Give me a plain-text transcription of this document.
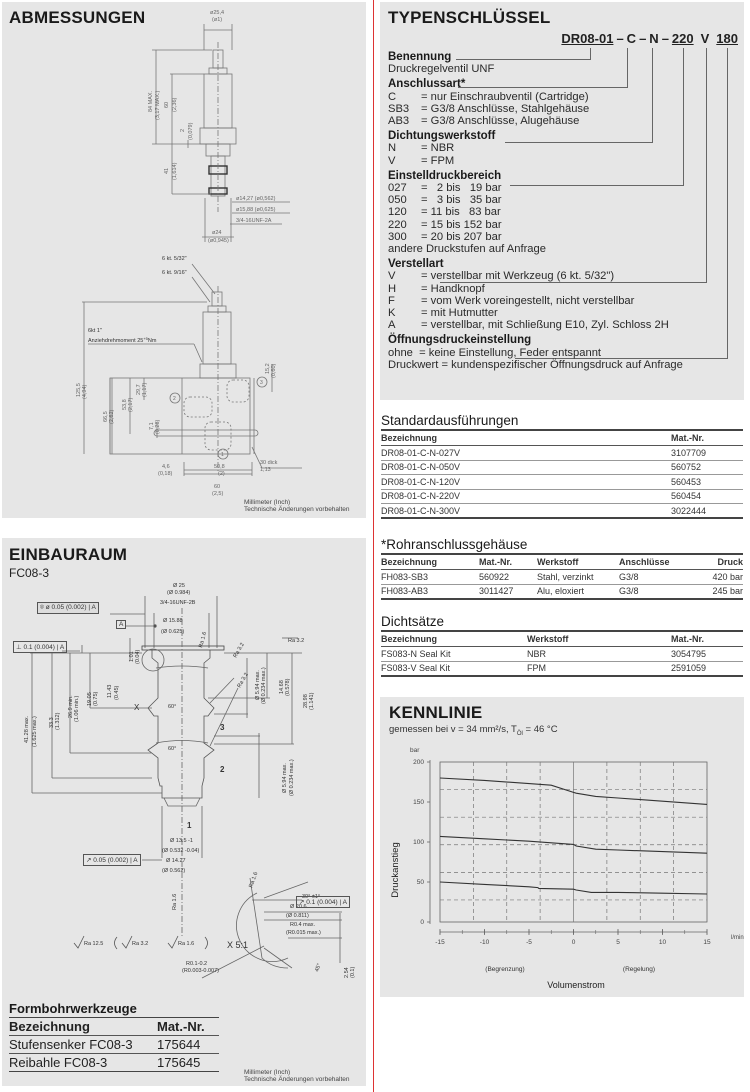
ABMESSUNGEN	ø25,4
(ø1)
84 MAX. (3,17 MAX.) 60 (2,36)
2 (0,079)
41 (1,614)
ø14,27 (ø0,562)
ø15,88 (ø0,625)
3/4-16UNF-2A
ø24
(ø0,945)
6 kt. 5/32"
6 kt. 9/16"
6kt 1"
Anziehdrehmoment $25^{+5}Nm$
125,5 (4,94)
66,5 (2,62)
53,8 (2,17)
29,7 (1,17)
7,1 (0,28)
15,2 (0,60)
4,6
(0,18)
50,8
(2)
60
(2,5)
30 dick
1,13
2
3
1
Millimeter (Inch)
Technische Änderungen vorbehalten
EINBAURAUM
FC08-3
Ø 25
(Ø 0.984)
3/4-16UNF-2B
Ø 15.88
(Ø 0.625)	Ra 1.6
Ra 3.2
Ra 3.2
Ra 3.2
1.01 (0.04)
11.43 (0.45)
19.05 (0.75)
26.9 min. (1.06 min.)
33.3 (1.312)
41.28 max. (1.625 max.)
Ø 5.94 max. (Ø 0.234 max.) 14.68 (0.578)
28.98 (1.141)
Ø 5.94 max. (Ø 0.234 max.)
60°
60°
X
3
2
1
Ø 13.5 -1
(Ø 0.532 -0.04)
Ø 14.27
(Ø 0.562)
Ra 1.6
Ra 1.6
30° ±1°
Ø 20.6
(Ø 0.811)
R0.4 max.
(R0.015 max.)
R0.1-0.2
(R0.003-0.007)	45°	2.54 (0.1)
Ra 12.5	Ra 3.2	Ra 1.6	X 5:1
⌾ ø 0.05 (0.002) | A
A
⊥ 0.1 (0.004) | A
↗ 0.05 (0.002) | A
↗ 0.1 (0.004) | A
Formbohrwerkzeuge
Bezeichnung	Mat.-Nr.
Stufensenker FC08-3	175644
Reibahle FC08-3	175645
Millimeter (Inch)
Technische Änderungen vorbehalten
TYPENSCHLÜSSEL
DR08-01 – C – N – 220 V 180
Benennung
Druckregelventil UNF
Anschlussart*
C	= nur Einschraubventil (Cartridge)
SB3	= G3/8 Anschlüsse, Stahlgehäuse
AB3	= G3/8 Anschlüsse, Alugehäuse
Dichtungswerkstoff
N	= NBR
V	= FPM
Einstelldruckbereich
027	=   2 bis   19 bar
050	=   3 bis   35 bar
120	= 11 bis   83 bar
220	= 15 bis 152 bar
300	= 20 bis 207 bar
andere Druckstufen auf Anfrage
Verstellart
V	= verstellbar mit Werkzeug (6 kt. 5/32")
H	= Handknopf
F	= vom Werk voreingestellt, nicht verstellbar
K	= mit Hutmutter
A	= verstellbar, mit Schließung E10, Zyl. Schloss 2H
Öffnungsdruckeinstellung
ohne  = keine Einstellung, Feder entspannt
Druckwert = kundenspezifischer Öffnungsdruck auf Anfrage
Standardausführungen
Bezeichnung	Mat.-Nr.
DR08-01-C-N-027V	3107709
DR08-01-C-N-050V	560752
DR08-01-C-N-120V	560453
DR08-01-C-N-220V	560454
DR08-01-C-N-300V	3022444
*Rohranschlussgehäuse
Bezeichnung	Mat.-Nr.	Werkstoff	Anschlüsse	Druck
FH083-SB3	560922	Stahl, verzinkt	G3/8	420 bar
FH083-AB3	3011427	Alu, eloxiert	G3/8	245 bar
Dichtsätze
Bezeichnung	Werkstoff	Mat.-Nr.
FS083-N Seal Kit	NBR	3054795
FS083-V Seal Kit	FPM	2591059
KENNLINIE
gemessen bei v = 34 mm²/s, $T_{Öl} = 46$ °C
0
50
100
150
200
-15	-10	-5	0	5	10	15
bar
Druckanstieg
Volumenstrom
(Begrenzung)	(Regelung)
l/min
